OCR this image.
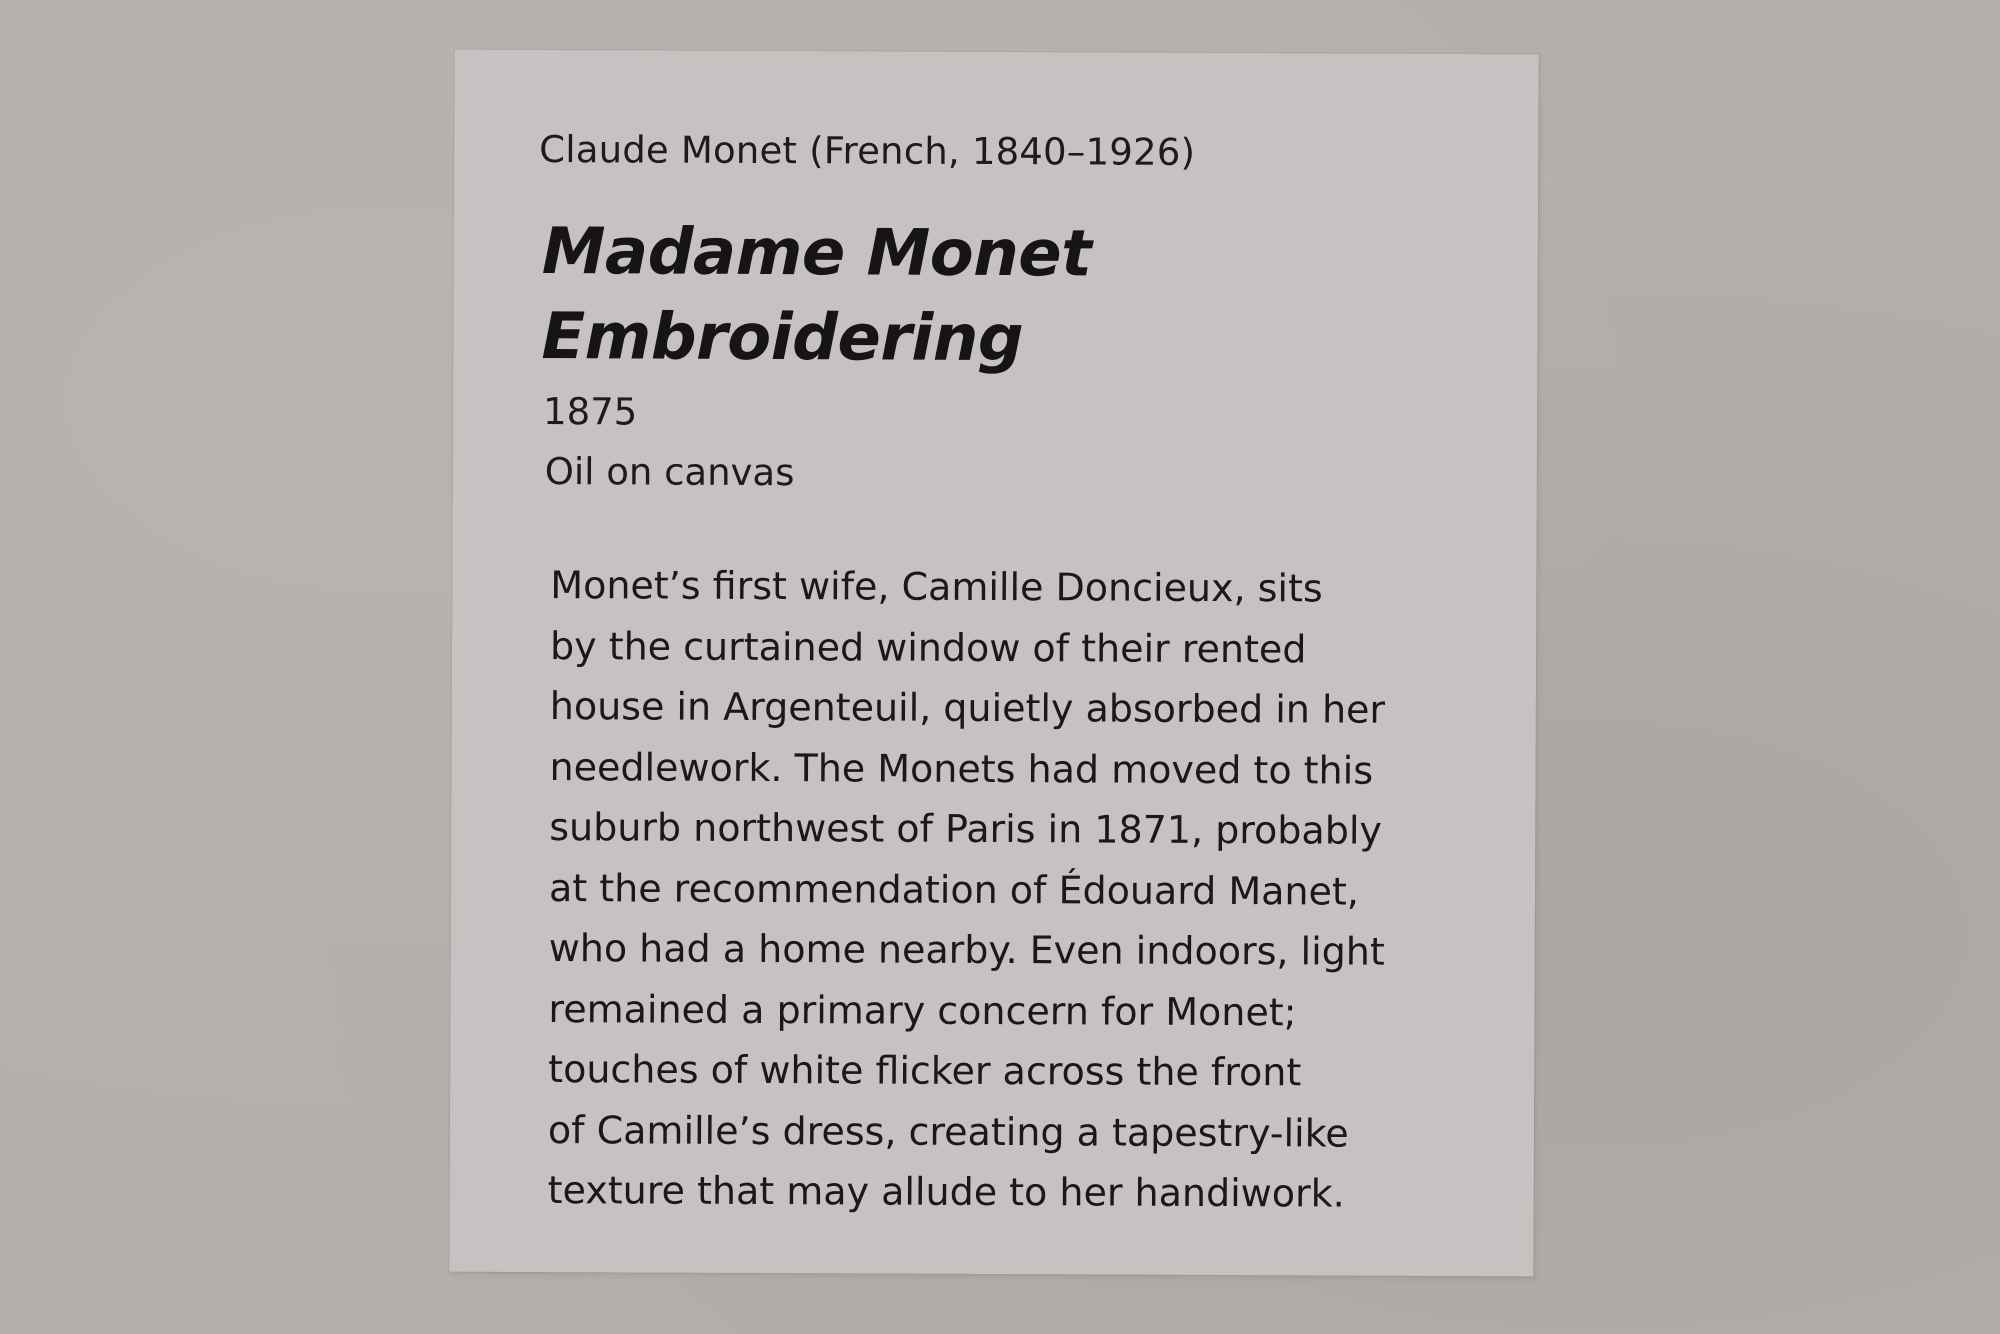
Claude Monet (French, 1840–1926)
Madame Monet
Embroidering
1875
Oil on canvas
Monet’s first wife, Camille Doncieux, sits
by the curtained window of their rented
house in Argenteuil, quietly absorbed in her
needlework. The Monets had moved to this
suburb northwest of Paris in 1871, probably
at the recommendation of Édouard Manet,
who had a home nearby. Even indoors, light
remained a primary concern for Monet;
touches of white flicker across the front
of Camille’s dress, creating a tapestry-like
texture that may allude to her handiwork.
